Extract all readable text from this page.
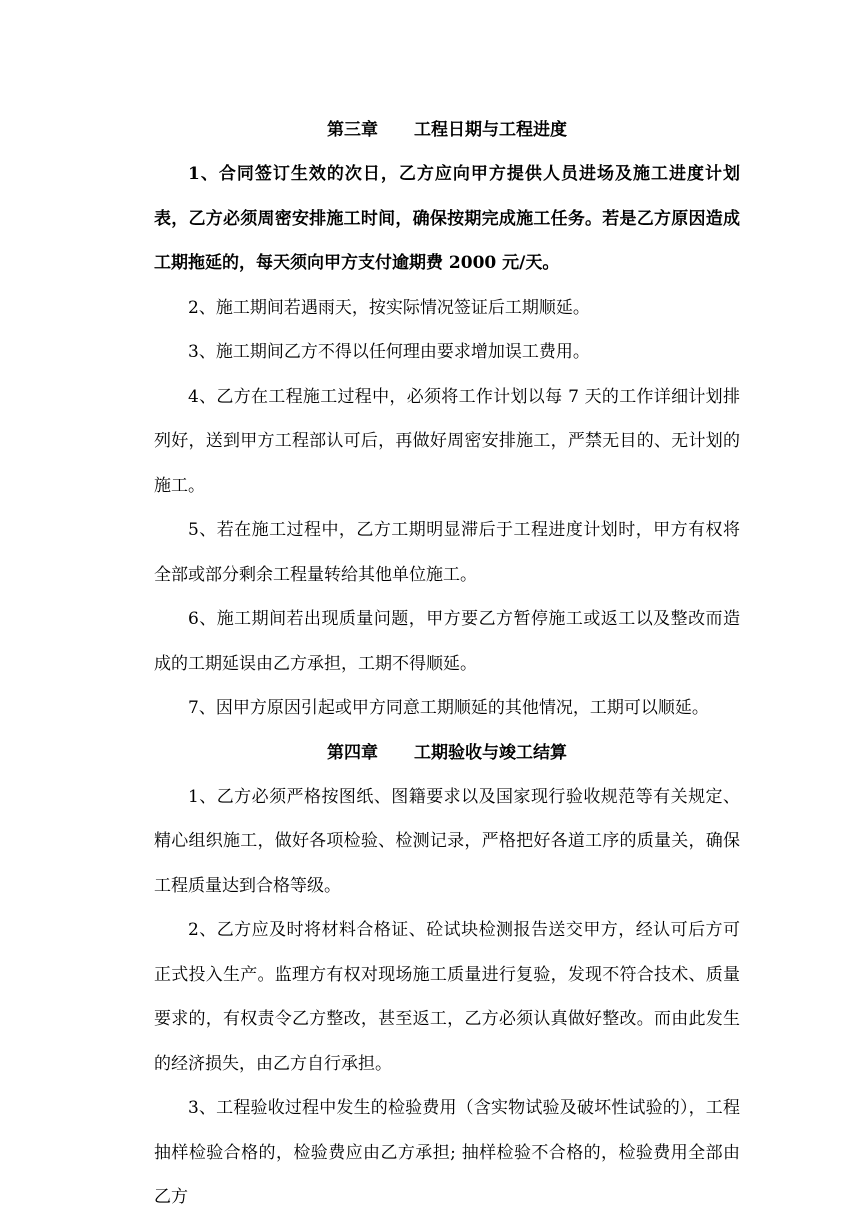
第三章 工程日期与工程进度

1、合同签订生效的次日，乙方应向甲方提供人员进场及施工进度计划表，乙方必须周密安排施工时间，确保按期完成施工任务。若是乙方原因造成工期拖延的，每天须向甲方支付逾期费 2000 元/天。

2、施工期间若遇雨天，按实际情况签证后工期顺延。

3、施工期间乙方不得以任何理由要求增加误工费用。

4、乙方在工程施工过程中，必须将工作计划以每 7 天的工作详细计划排列好，送到甲方工程部认可后，再做好周密安排施工，严禁无目的、无计划的施工。

5、若在施工过程中，乙方工期明显滞后于工程进度计划时，甲方有权将全部或部分剩余工程量转给其他单位施工。

6、施工期间若出现质量问题，甲方要乙方暂停施工或返工以及整改而造成的工期延误由乙方承担，工期不得顺延。

7、因甲方原因引起或甲方同意工期顺延的其他情况，工期可以顺延。

第四章 工期验收与竣工结算

1、乙方必须严格按图纸、图籍要求以及国家现行验收规范等有关规定、精心组织施工，做好各项检验、检测记录，严格把好各道工序的质量关，确保工程质量达到合格等级。

2、乙方应及时将材料合格证、砼试块检测报告送交甲方，经认可后方可正式投入生产。监理方有权对现场施工质量进行复验，发现不符合技术、质量要求的，有权责令乙方整改，甚至返工，乙方必须认真做好整改。而由此发生的经济损失，由乙方自行承担。

3、工程验收过程中发生的检验费用（含实物试验及破坏性试验的），工程抽样检验合格的，检验费应由乙方承担; 抽样检验不合格的，检验费用全部由乙方
